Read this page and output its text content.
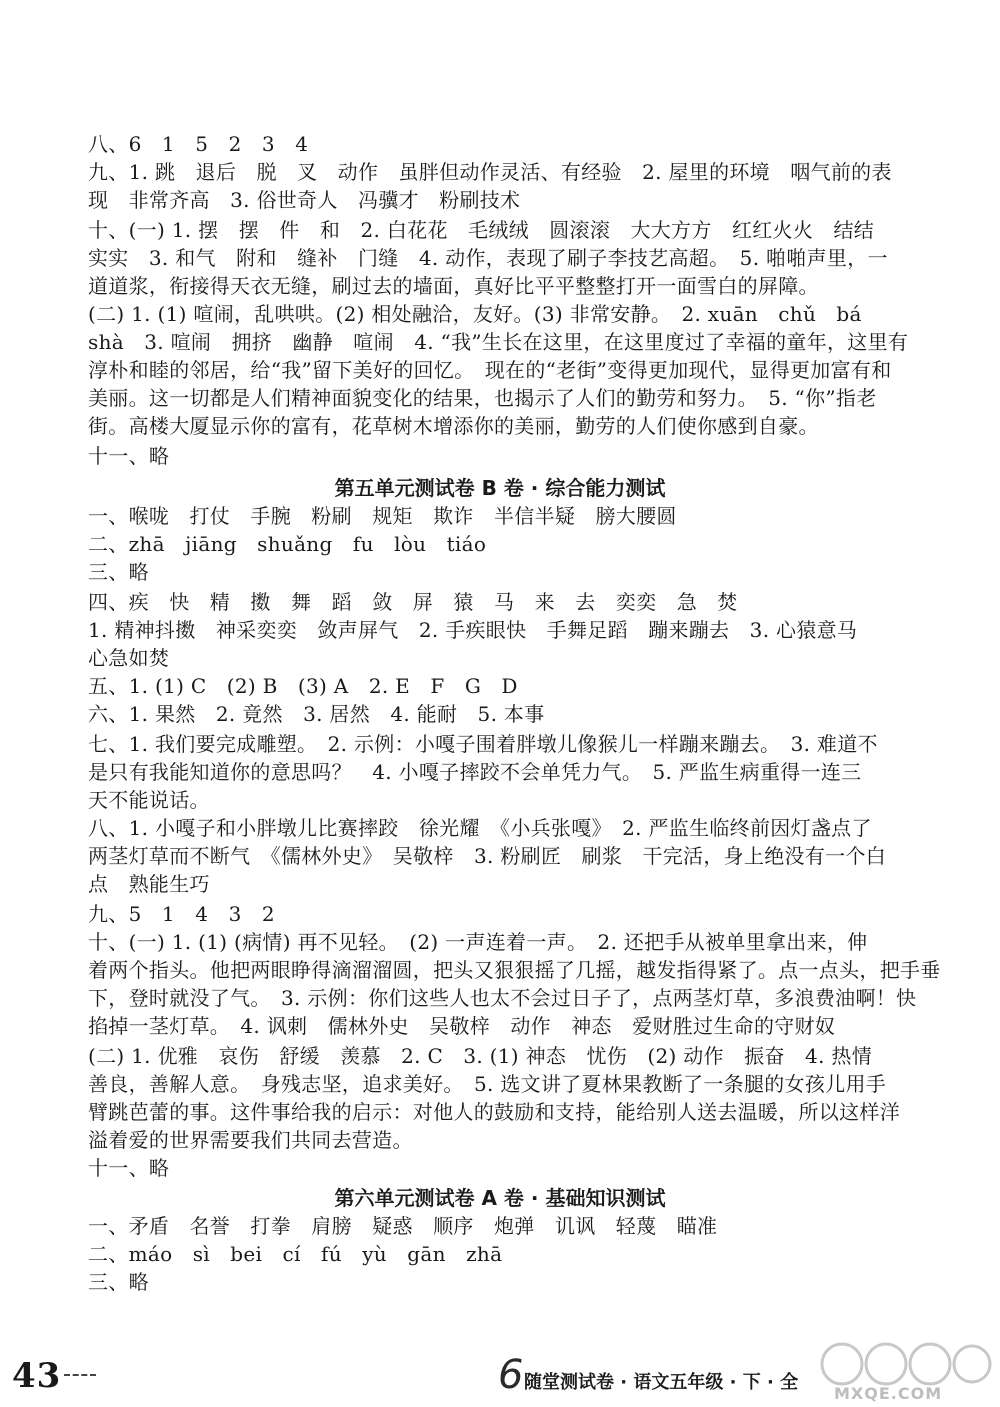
八、6　1　5　2　3　4
九、1. 跳　退后　脱　叉　动作　虽胖但动作灵活、有经验　2. 屋里的环境　咽气前的表
现　非常齐高　3. 俗世奇人　冯骥才　粉刷技术
十、(一) 1. 摆　摆　件　和　2. 白花花　毛绒绒　圆滚滚　大大方方　红红火火　结结
实实　3. 和气　附和　缝补　门缝　4. 动作，表现了刷子李技艺高超。　5. 啪啪声里，一
道道浆，衔接得天衣无缝，刷过去的墙面，真好比平平整整打开一面雪白的屏障。
(二) 1. (1) 喧闹，乱哄哄。(2) 相处融洽，友好。(3) 非常安静。　2. xuān　chǔ　bá
shà　3. 喧闹　拥挤　幽静　喧闹　4. “我”生长在这里，在这里度过了幸福的童年，这里有
淳朴和睦的邻居，给“我”留下美好的回忆。　现在的“老街”变得更加现代，显得更加富有和
美丽。这一切都是人们精神面貌变化的结果，也揭示了人们的勤劳和努力。　5. “你”指老
街。高楼大厦显示你的富有，花草树木增添你的美丽，勤劳的人们使你感到自豪。
十一、略
第五单元测试卷 B 卷 · 综合能力测试
一、喉咙　打仗　手腕　粉刷　规矩　欺诈　半信半疑　膀大腰圆
二、zhā　jiāng　shuǎng　fu　lòu　tiáo
三、略
四、疾　快　精　擞　舞　蹈　敛　屏　猿　马　来　去　奕奕　急　焚
1. 精神抖擞　神采奕奕　敛声屏气　2. 手疾眼快　手舞足蹈　蹦来蹦去　3. 心猿意马
心急如焚
五、1. (1) C　(2) B　(3) A　2. E　F　G　D
六、1. 果然　2. 竟然　3. 居然　4. 能耐　5. 本事
七、1. 我们要完成雕塑。　2. 示例：小嘎子围着胖墩儿像猴儿一样蹦来蹦去。　3. 难道不
是只有我能知道你的意思吗？　4. 小嘎子摔跤不会单凭力气。　5. 严监生病重得一连三
天不能说话。
八、1. 小嘎子和小胖墩儿比赛摔跤　徐光耀　《小兵张嘎》　2. 严监生临终前因灯盏点了
两茎灯草而不断气　《儒林外史》　吴敬梓　3. 粉刷匠　刷浆　干完活，身上绝没有一个白
点　熟能生巧
九、5　1　4　3　2
十、(一) 1. (1) (病情) 再不见轻。　(2) 一声连着一声。　2. 还把手从被单里拿出来，伸
着两个指头。他把两眼睁得滴溜溜圆，把头又狠狠摇了几摇，越发指得紧了。点一点头，把手垂
下，登时就没了气。　3. 示例：你们这些人也太不会过日子了，点两茎灯草，多浪费油啊！快
掐掉一茎灯草。　4. 讽刺　儒林外史　吴敬梓　动作　神态　爱财胜过生命的守财奴
(二) 1. 优雅　哀伤　舒缓　羡慕　2. C　3. (1) 神态　忧伤　(2) 动作　振奋　4. 热情
善良，善解人意。　身残志坚，追求美好。　5. 选文讲了夏林果教断了一条腿的女孩儿用手
臂跳芭蕾的事。这件事给我的启示：对他人的鼓励和支持，能给别人送去温暖，所以这样洋
溢着爱的世界需要我们共同去营造。
十一、略
第六单元测试卷 A 卷 · 基础知识测试
一、矛盾　名誉　打拳　肩膀　疑惑　顺序　炮弹　讥讽　轻蔑　瞄准
二、máo　sì　bei　cí　fú　yù　gān　zhā
三、略
43	6 随堂测试卷 · 语文五年级 · 下 · 全
MXQE.COM
